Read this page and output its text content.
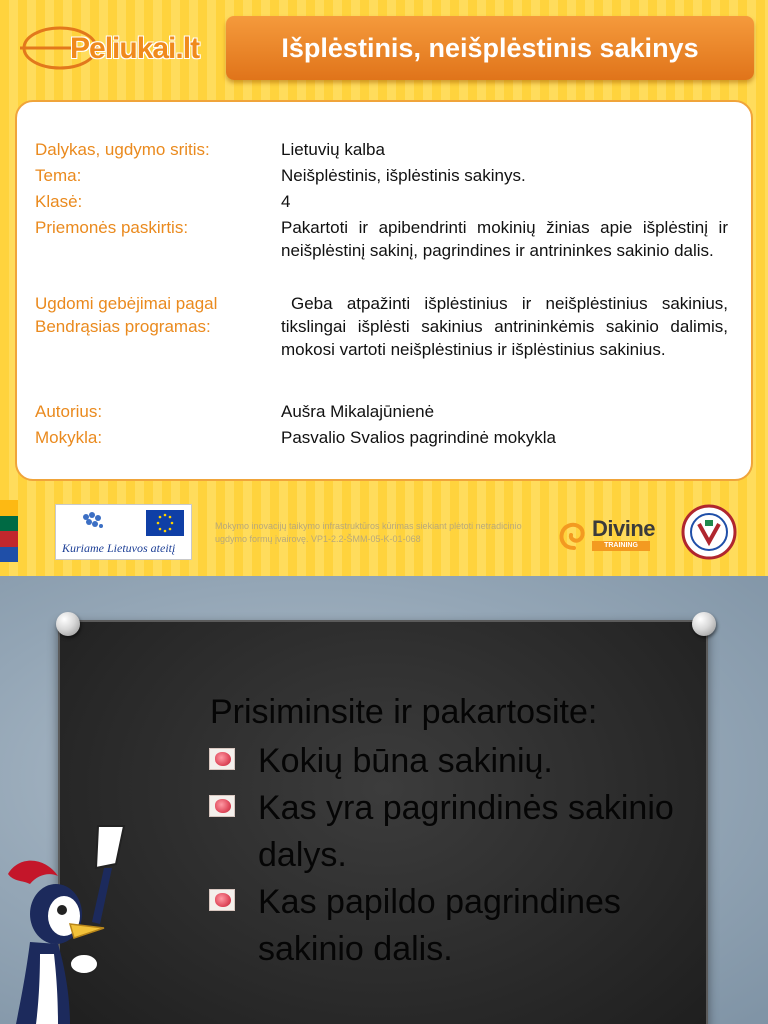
Peliukai.lt	Išplėstinis, neišplėstinis sakinys
Dalykas, ugdymo sritis:	Lietuvių kalba
Tema:	Neišplėstinis, išplėstinis sakinys.
Klasė:	4
Priemonės paskirtis:	Pakartoti ir apibendrinti mokinių žinias apie išplėstinį ir neišplėstinį sakinį, pagrindines ir antrininkes sakinio dalis.
Ugdomi gebėjimai pagal
Bendrąsias programas:
Geba atpažinti išplėstinius ir neišplėstinius sakinius, tikslingai išplėsti sakinius antrininkėmis sakinio dalimis, mokosi vartoti neišplėstinius ir išplėstinius sakinius.
Autorius:	Aušra Mikalajūnienė
Mokykla:	Pasvalio Svalios pagrindinė mokykla
Kuriame Lietuvos ateitį
Mokymo inovacijų taikymo infrastruktūros kūrimas siekiant plėtoti netradicinio ugdymo formų įvairovę. VP1-2.2-ŠMM-05-K-01-068	Divine
TRAINING
Prisiminsite ir pakartosite:
Kokių būna sakinių.
Kas yra pagrindinės sakinio dalys.
Kas papildo pagrindines sakinio dalis.
